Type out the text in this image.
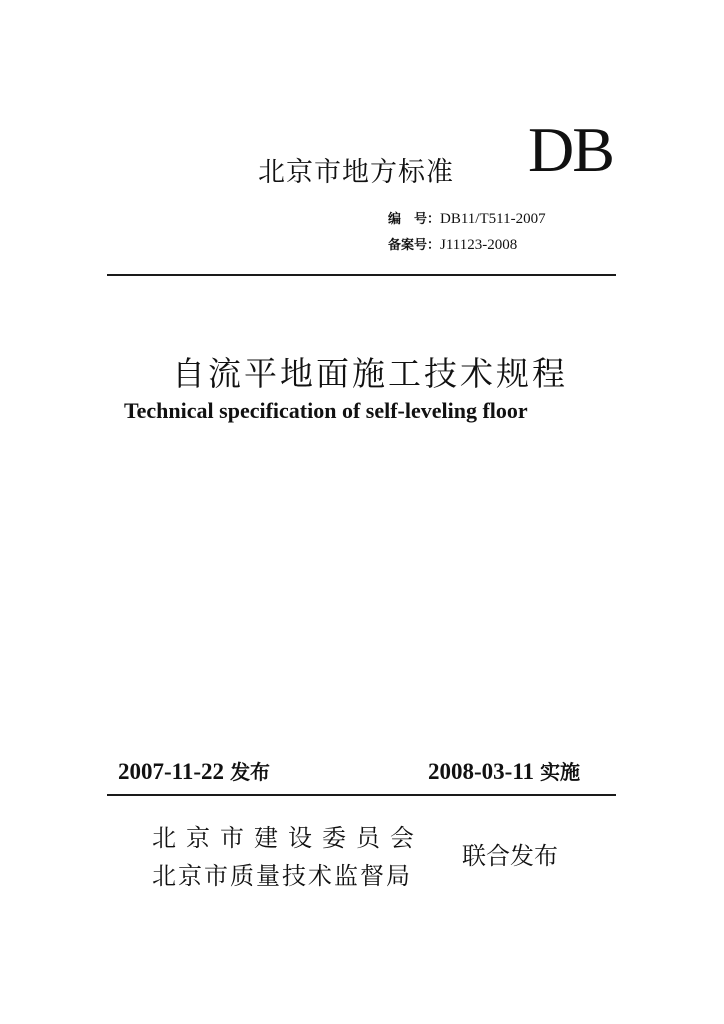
北京市地方标准 DB
编　号：DB11/T511-2007
备案号：J11123-2008
自流平地面施工技术规程
Technical specification of self-leveling floor
2007-11-22 发布	2008-03-11 实施
北京市建设委员会
北京市质量技术监督局
联合发布
